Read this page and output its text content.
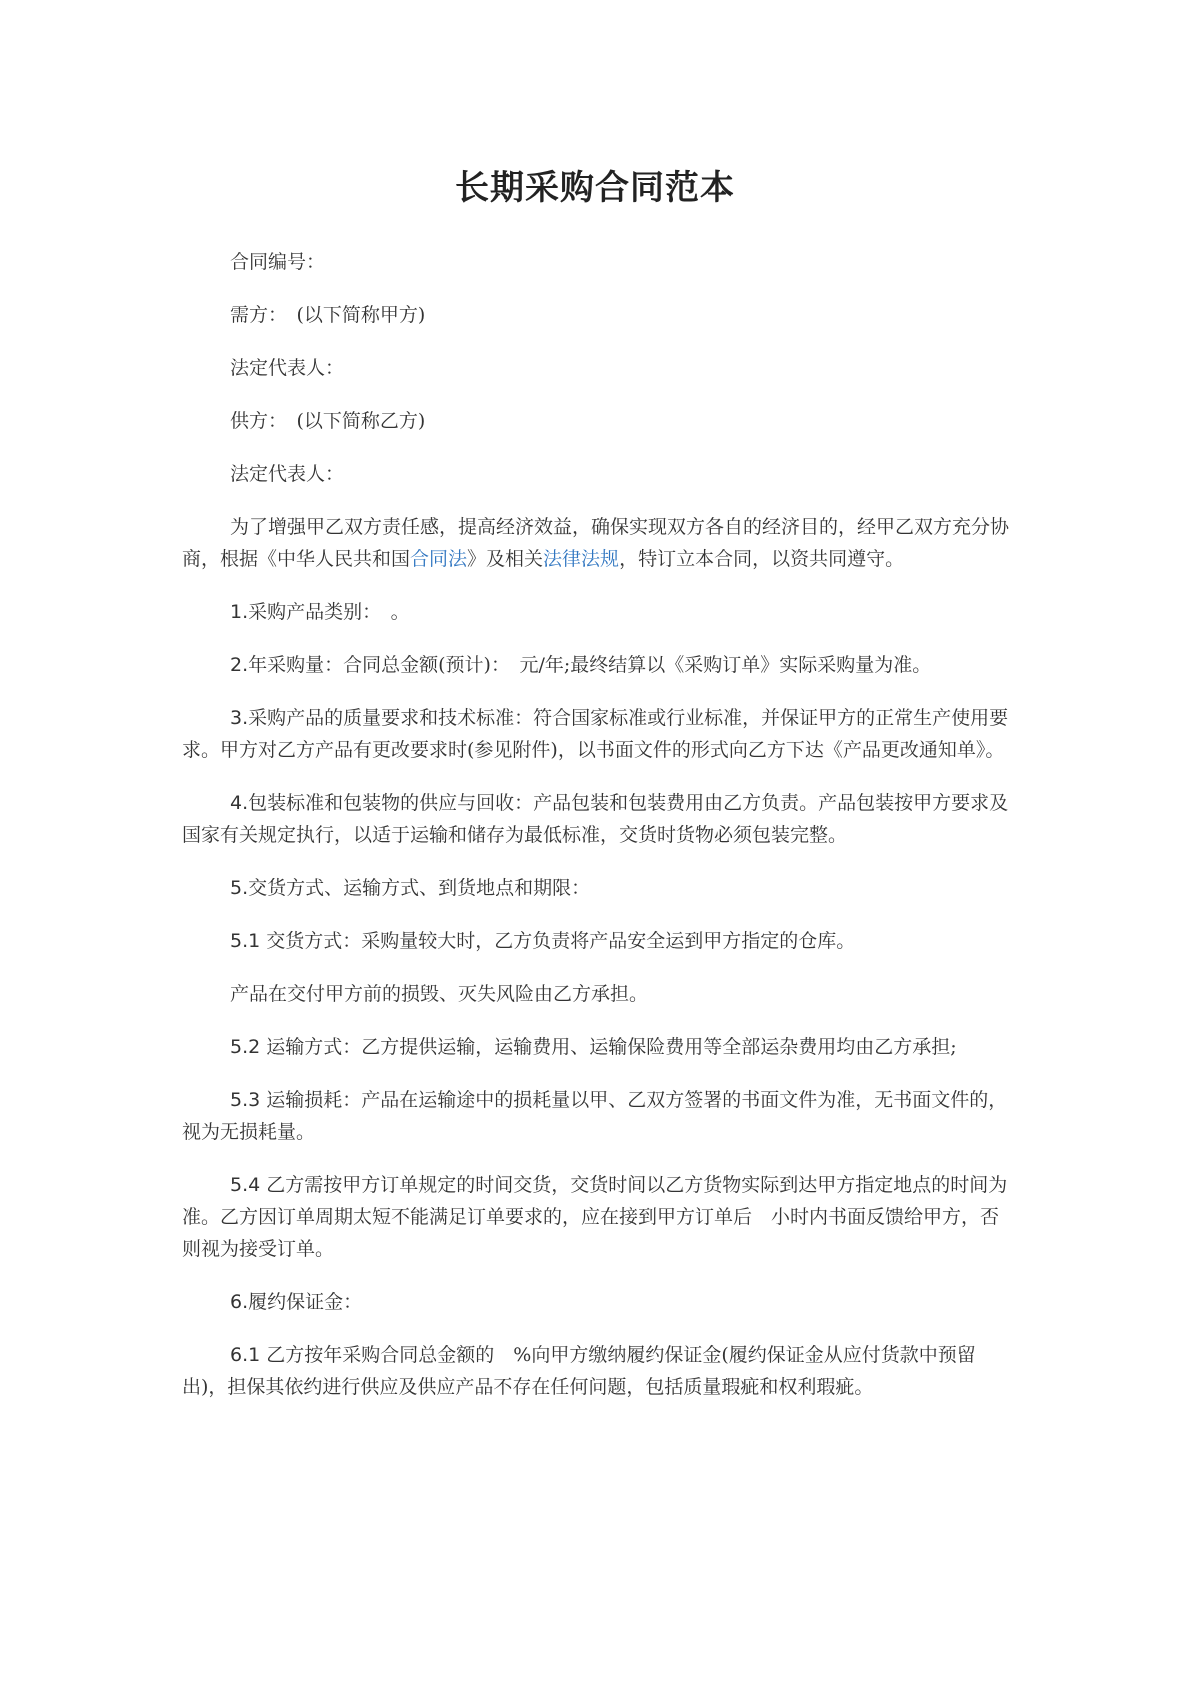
长期采购合同范本

合同编号：

需方：　(以下简称甲方)

法定代表人：

供方：　(以下简称乙方)

法定代表人：

为了增强甲乙双方责任感，提高经济效益，确保实现双方各自的经济目的，经甲乙双方充分协商，根据《中华人民共和国合同法》及相关法律法规，特订立本合同，以资共同遵守。

1.采购产品类别：　。

2.年采购量：合同总金额(预计)：　元/年;最终结算以《采购订单》实际采购量为准。

3.采购产品的质量要求和技术标准：符合国家标准或行业标准，并保证甲方的正常生产使用要求。甲方对乙方产品有更改要求时(参见附件)，以书面文件的形式向乙方下达《产品更改通知单》。

4.包装标准和包装物的供应与回收：产品包装和包装费用由乙方负责。产品包装按甲方要求及国家有关规定执行，以适于运输和储存为最低标准，交货时货物必须包装完整。

5.交货方式、运输方式、到货地点和期限：

5.1 交货方式：采购量较大时，乙方负责将产品安全运到甲方指定的仓库。

产品在交付甲方前的损毁、灭失风险由乙方承担。

5.2 运输方式：乙方提供运输，运输费用、运输保险费用等全部运杂费用均由乙方承担;

5.3 运输损耗：产品在运输途中的损耗量以甲、乙双方签署的书面文件为准，无书面文件的，视为无损耗量。

5.4 乙方需按甲方订单规定的时间交货，交货时间以乙方货物实际到达甲方指定地点的时间为准。乙方因订单周期太短不能满足订单要求的，应在接到甲方订单后　小时内书面反馈给甲方，否则视为接受订单。

6.履约保证金：

6.1 乙方按年采购合同总金额的　%向甲方缴纳履约保证金(履约保证金从应付货款中预留出)，担保其依约进行供应及供应产品不存在任何问题，包括质量瑕疵和权利瑕疵。
